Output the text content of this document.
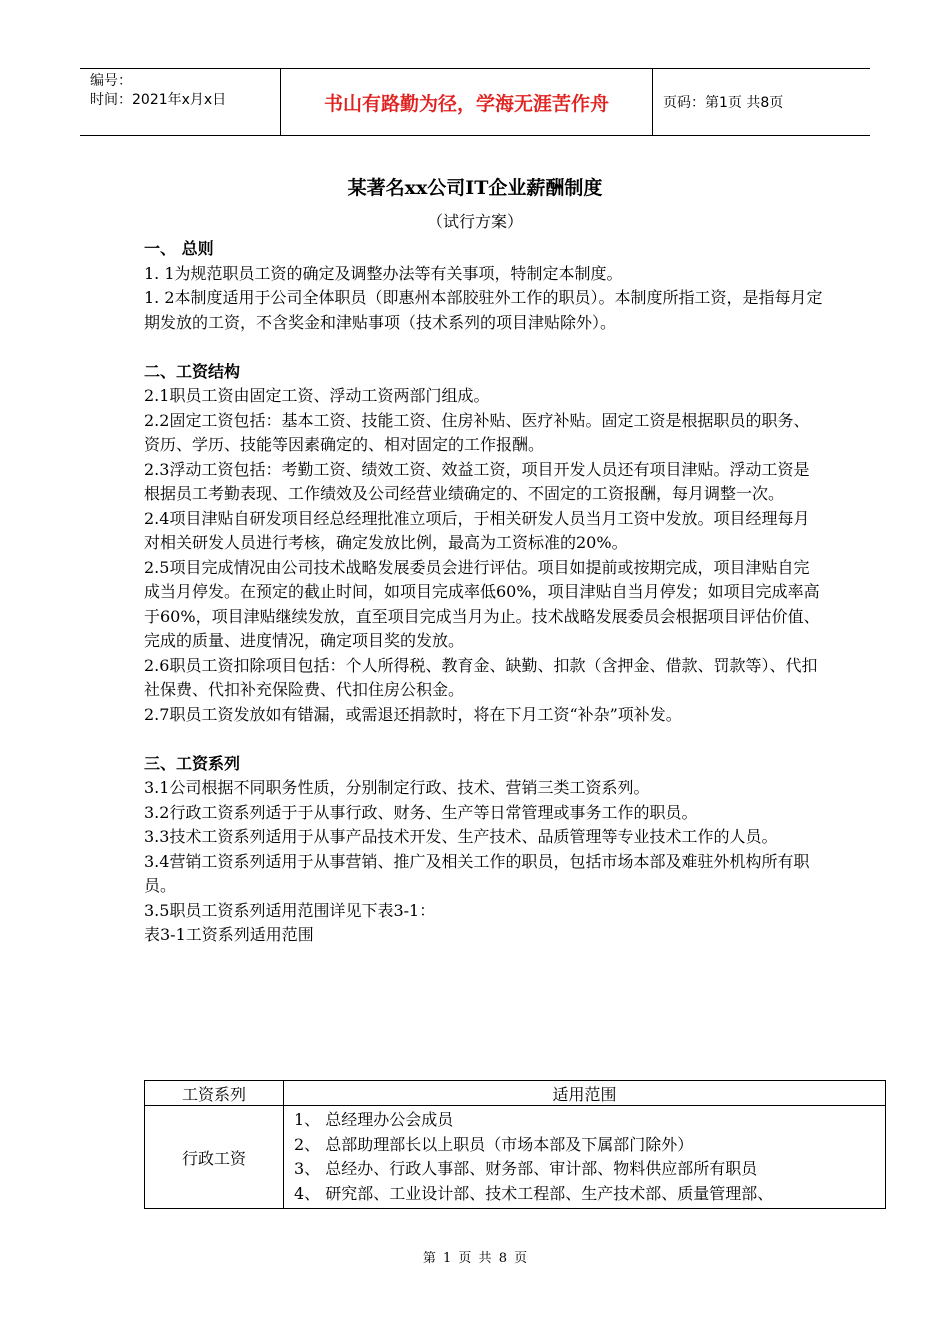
编号：
时间：2021年x月x日	书山有路勤为径，学海无涯苦作舟	页码：第1页 共8页
某著名xx公司IT企业薪酬制度
（试行方案）

一、 总则

1. 1为规范职员工资的确定及调整办法等有关事项，特制定本制度。

1. 2本制度适用于公司全体职员（即惠州本部胶驻外工作的职员）。本制度所指工资，是指每月定期发放的工资，不含奖金和津贴事项（技术系列的项目津贴除外）。

二、工资结构

2.1职员工资由固定工资、浮动工资两部门组成。

2.2固定工资包括：基本工资、技能工资、住房补贴、医疗补贴。固定工资是根据职员的职务、资历、学历、技能等因素确定的、相对固定的工作报酬。

2.3浮动工资包括：考勤工资、绩效工资、效益工资，项目开发人员还有项目津贴。浮动工资是根据员工考勤表现、工作绩效及公司经营业绩确定的、不固定的工资报酬，每月调整一次。

2.4项目津贴自研发项目经总经理批准立项后，于相关研发人员当月工资中发放。项目经理每月对相关研发人员进行考核，确定发放比例，最高为工资标准的20%。

2.5项目完成情况由公司技术战略发展委员会进行评估。项目如提前或按期完成，项目津贴自完成当月停发。在预定的截止时间，如项目完成率低60%，项目津贴自当月停发；如项目完成率高于60%，项目津贴继续发放，直至项目完成当月为止。技术战略发展委员会根据项目评估价值、完成的质量、进度情况，确定项目奖的发放。

2.6职员工资扣除项目包括：个人所得税、教育金、缺勤、扣款（含押金、借款、罚款等）、代扣社保费、代扣补充保险费、代扣住房公积金。

2.7职员工资发放如有错漏，或需退还捐款时，将在下月工资“补杂”项补发。

三、工资系列

3.1公司根据不同职务性质，分别制定行政、技术、营销三类工资系列。

3.2行政工资系列适于于从事行政、财务、生产等日常管理或事务工作的职员。

3.3技术工资系列适用于从事产品技术开发、生产技术、品质管理等专业技术工作的人员。

3.4营销工资系列适用于从事营销、推广及相关工作的职员，包括市场本部及难驻外机构所有职员。

3.5职员工资系列适用范围详见下表3-1：

表3-1工资系列适用范围

工资系列	适用范围
行政工资	1、 总经理办公会成员
2、 总部助理部长以上职员（市场本部及下属部门除外）
3、 总经办、行政人事部、财务部、审计部、物料供应部所有职员
4、 研究部、工业设计部、技术工程部、生产技术部、质量管理部、
第 1 页 共 8 页
